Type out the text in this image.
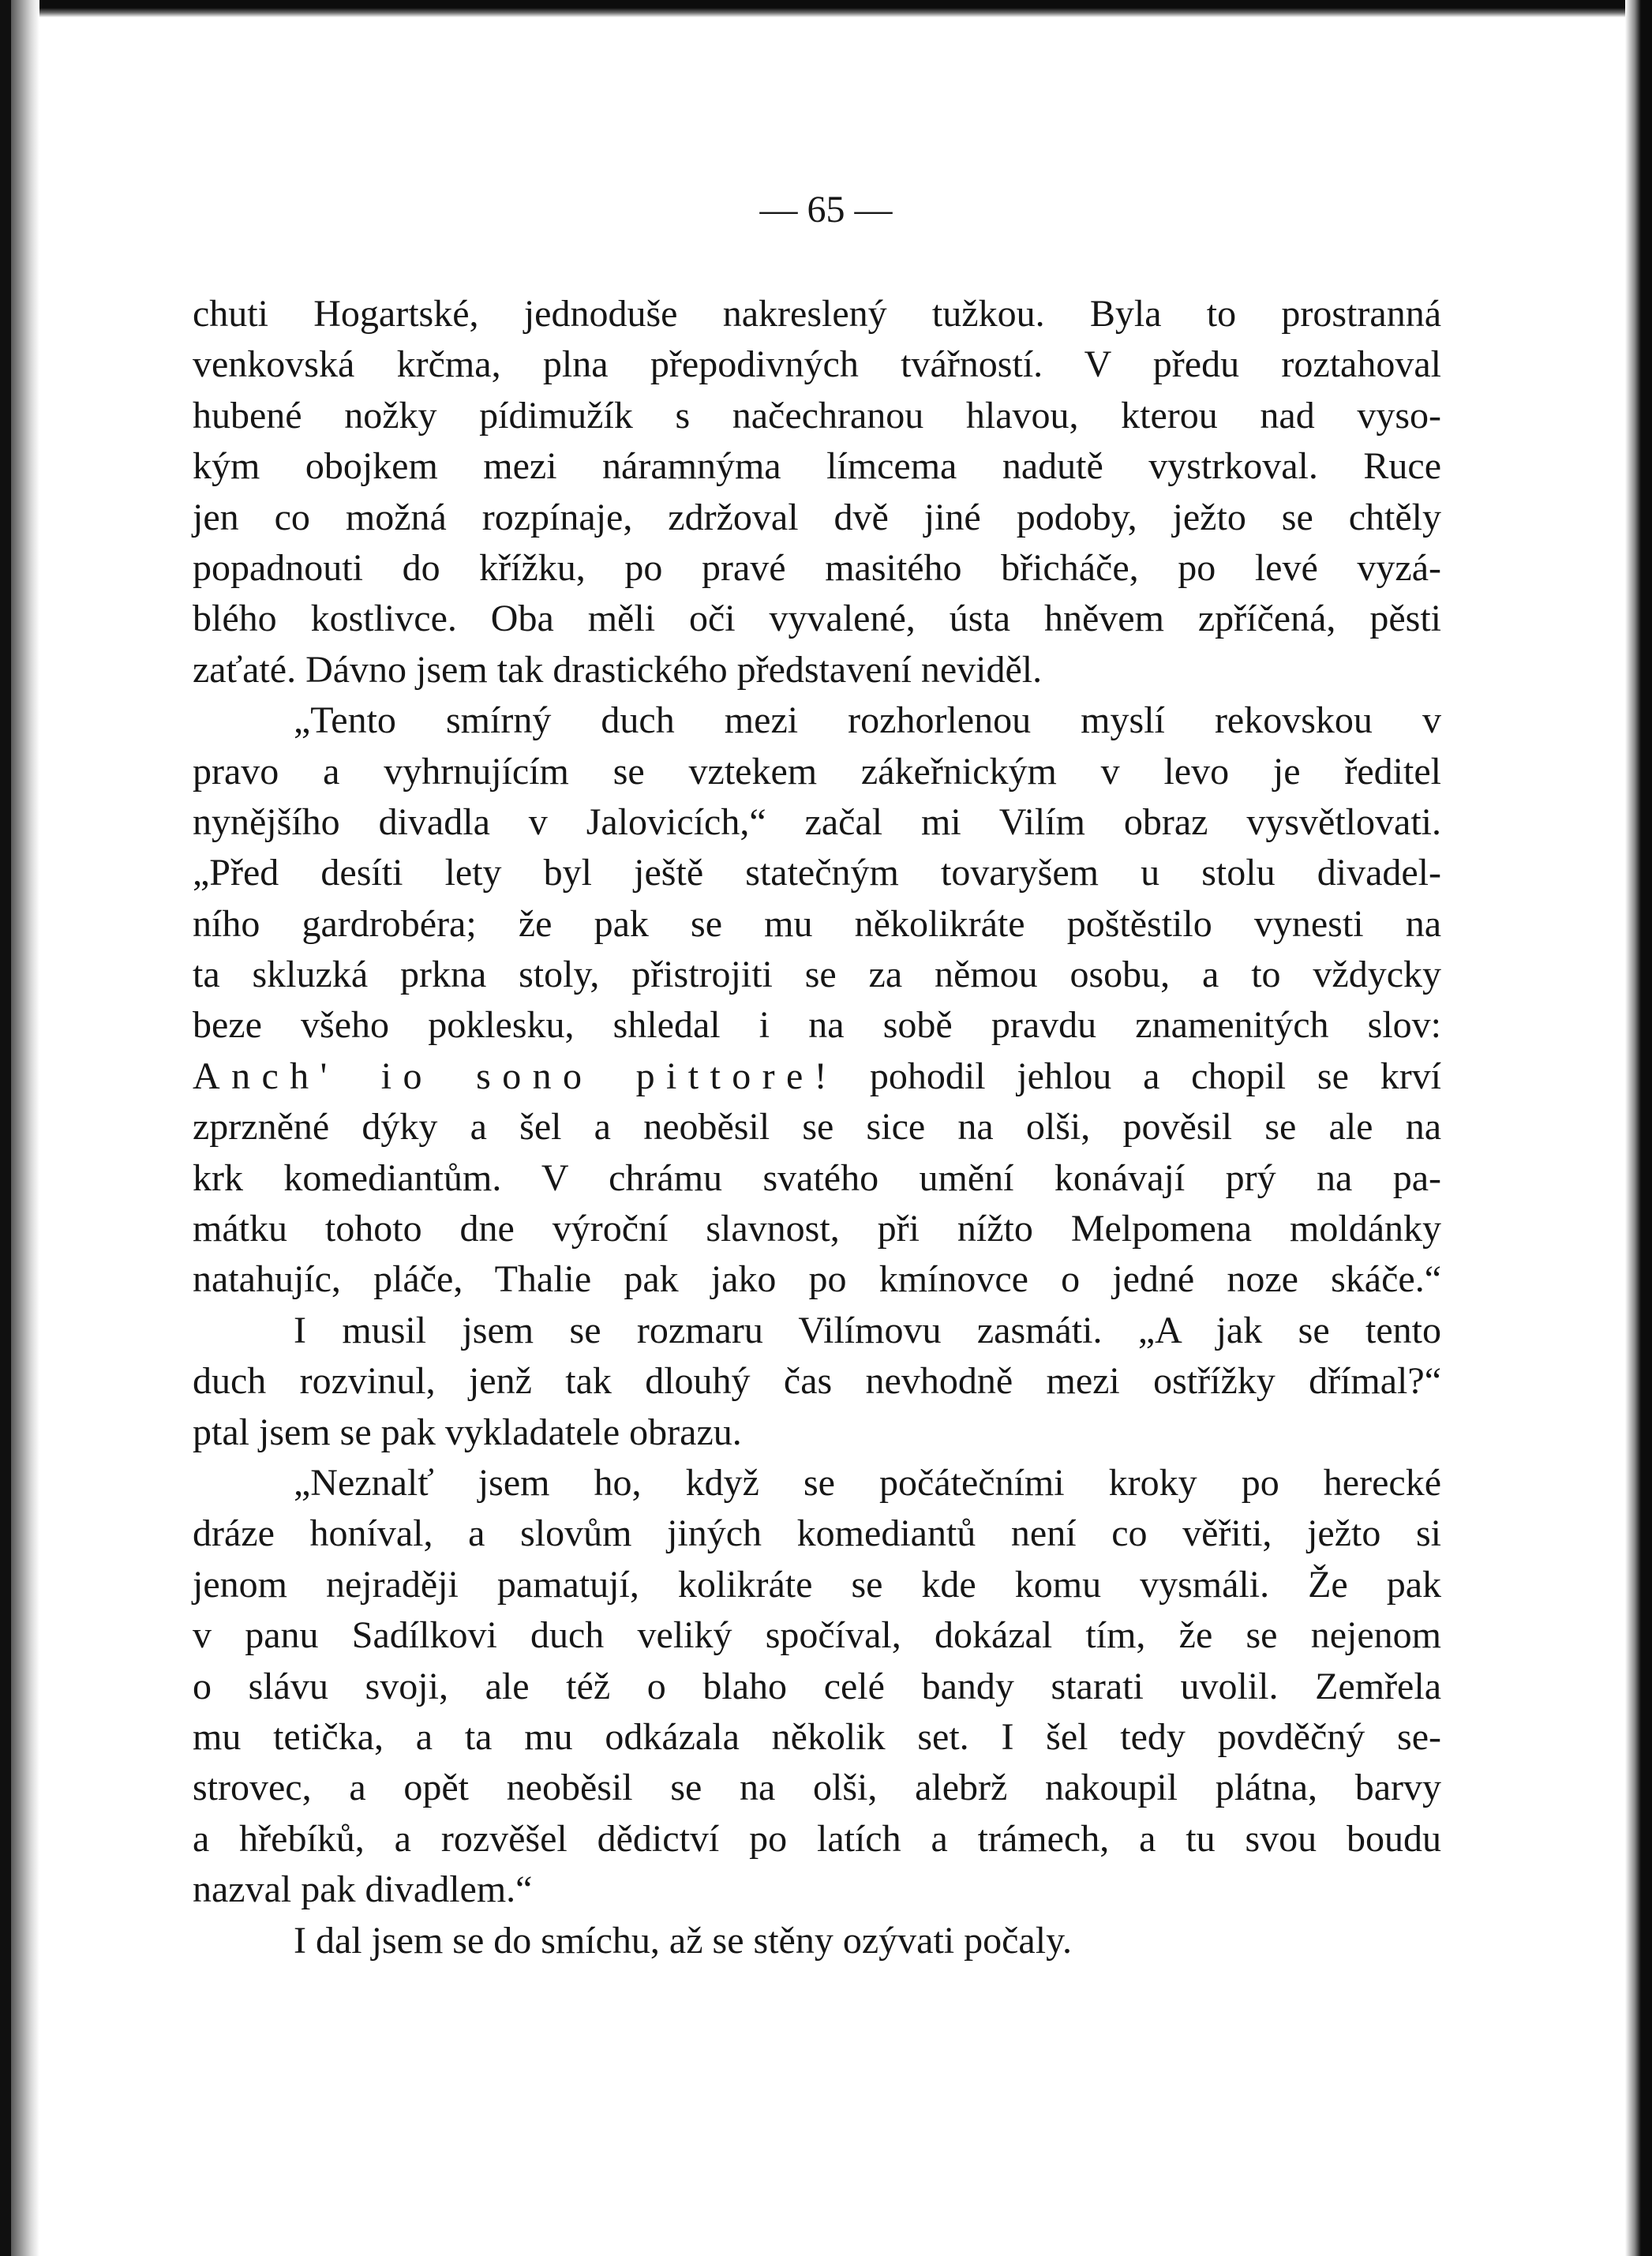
— 65 —

chuti Hogartské, jednoduše nakreslený tužkou. Byla to prostranná

venkovská krčma, plna přepodivných tvářností. V předu roztahoval

hubené nožky pídimužík s načechranou hlavou, kterou nad vyso-

kým obojkem mezi náramnýma límcema nadutě vystrkoval. Ruce

jen co možná rozpínaje, zdržoval dvě jiné podoby, ježto se chtěly

popadnouti do křížku, po pravé masitého břicháče, po levé vyzá-

blého kostlivce. Oba měli oči vyvalené, ústa hněvem zpříčená, pěsti

zaťaté. Dávno jsem tak drastického představení neviděl.

„Tento smírný duch mezi rozhorlenou myslí rekovskou v

pravo a vyhrnujícím se vztekem zákeřnickým v levo je ředitel

nynějšího divadla v Jalovicích,“ začal mi Vilím obraz vysvětlovati.

„Před desíti lety byl ještě statečným tovaryšem u stolu divadel-

ního gardrobéra; že pak se mu několikráte poštěstilo vynesti na

ta skluzká prkna stoly, přistrojiti se za němou osobu, a to vždycky

beze všeho poklesku, shledal i na sobě pravdu znamenitých slov:

Anch' io sono pittore! pohodil jehlou a chopil se krví

zprzněné dýky a šel a neoběsil se sice na olši, pověsil se ale na

krk komediantům. V chrámu svatého umění konávají prý na pa-

mátku tohoto dne výroční slavnost, při nížto Melpomena moldánky

natahujíc, pláče, Thalie pak jako po kmínovce o jedné noze skáče.“

I musil jsem se rozmaru Vilímovu zasmáti. „A jak se tento

duch rozvinul, jenž tak dlouhý čas nevhodně mezi ostřížky dřímal?“

ptal jsem se pak vykladatele obrazu.

„Neznalť jsem ho, když se počátečními kroky po herecké

dráze honíval, a slovům jiných komediantů není co věřiti, ježto si

jenom nejraději pamatují, kolikráte se kde komu vysmáli. Že pak

v panu Sadílkovi duch veliký spočíval, dokázal tím, že se nejenom

o slávu svoji, ale též o blaho celé bandy starati uvolil. Zemřela

mu tetička, a ta mu odkázala několik set. I šel tedy povděčný se-

strovec, a opět neoběsil se na olši, alebrž nakoupil plátna, barvy

a hřebíků, a rozvěšel dědictví po latích a trámech, a tu svou boudu

nazval pak divadlem.“

I dal jsem se do smíchu, až se stěny ozývati počaly.
